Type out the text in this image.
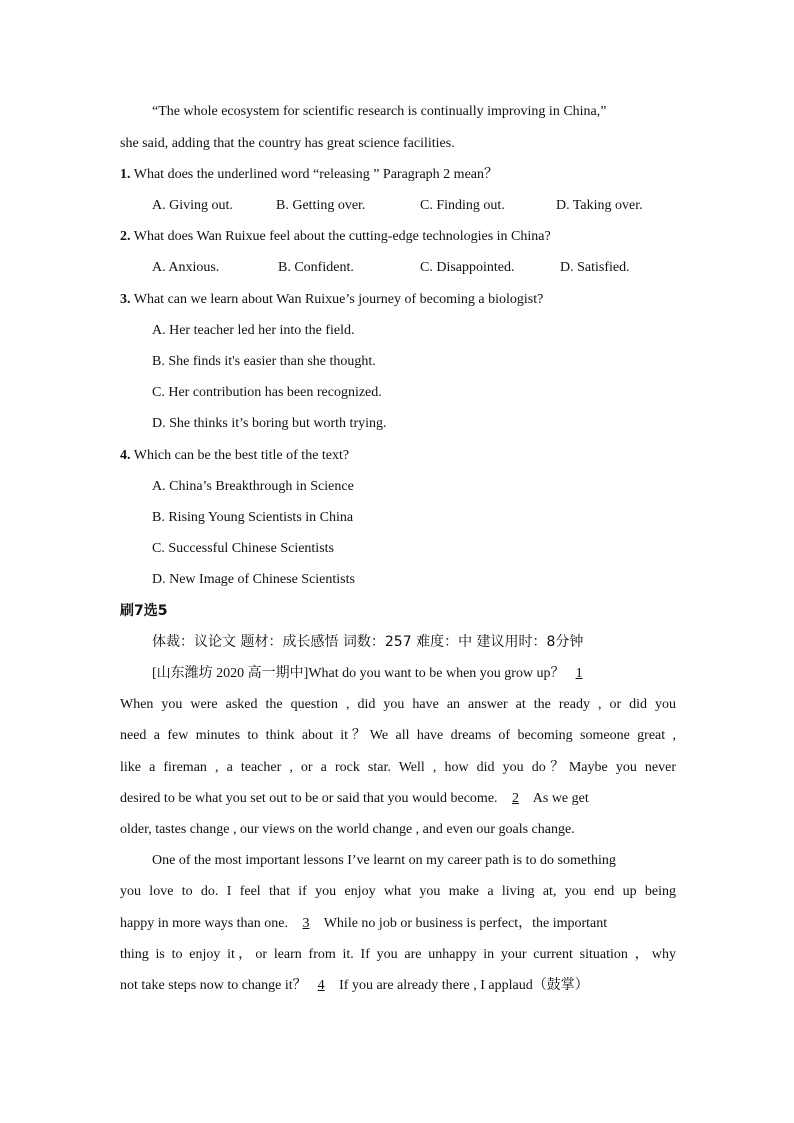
“The whole ecosystem for scientific research is continually improving in China,”
she said, adding that the country has great science facilities.
1. What does the underlined word “releasing ” Paragraph 2 mean？
A. Giving out.	B. Getting over.	C. Finding out.	D. Taking over.
2. What does Wan Ruixue feel about the cutting-edge technologies in China?
A. Anxious.	B. Confident.	C. Disappointed.	D. Satisfied.
3. What can we learn about Wan Ruixue’s journey of becoming a biologist?
A. Her teacher led her into the field.
B. She finds it's easier than she thought.
C. Her contribution has been recognized.
D. She thinks it’s boring but worth trying.
4. Which can be the best title of the text?
A. China’s Breakthrough in Science
B. Rising Young Scientists in China
C. Successful Chinese Scientists
D. New Image of Chinese Scientists
刷7选5
体裁：议论文 题材：成长感悟 词数：257 难度：中 建议用时：8分钟
[山东潍坊 2020 高一期中]What do you want to be when you grow up？ 1
When you were asked the question , did you have an answer at the ready , or did you
need a few minutes to think about it？We all have dreams of becoming someone great ,
like a fireman , a teacher , or a rock star. Well , how did you do？Maybe you never
desired to be what you set out to be or said that you would become. 2 As we get
older, tastes change , our views on the world change , and even our goals change.
One of the most important lessons I’ve learnt on my career path is to do something
you love to do. I feel that if you enjoy what you make a living at, you end up being
happy in more ways than one. 3 While no job or business is perfect，the important
thing is to enjoy it，or learn from it. If you are unhappy in your current situation ，why
not take steps now to change it？ 4 If you are already there , I applaud（鼓掌）
